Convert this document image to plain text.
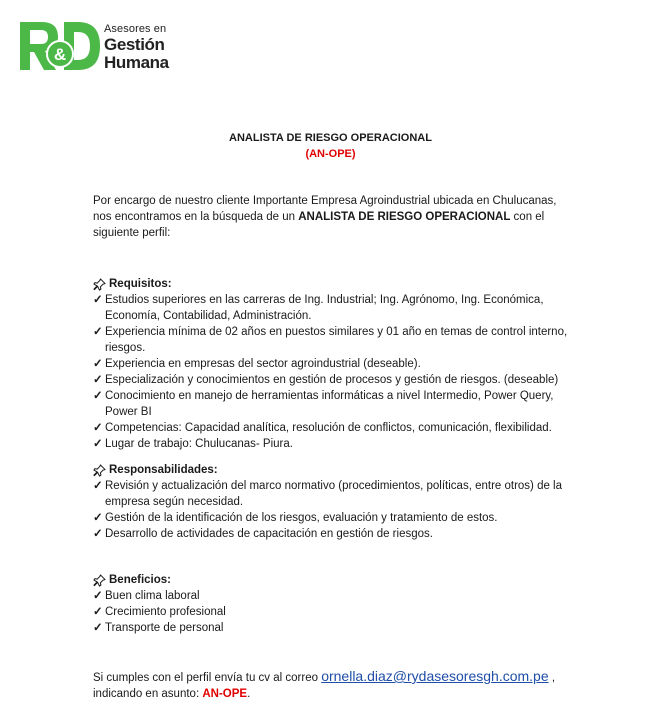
&
Asesores en
Gestión
Humana
ANALISTA DE RIESGO OPERACIONAL
(AN-OPE)
Por encargo de nuestro cliente Importante Empresa Agroindustrial ubicada en Chulucanas, nos encontramos en la búsqueda de un ANALISTA DE RIESGO OPERACIONAL con el siguiente perfil:
Requisitos:
✓ Estudios superiores en las carreras de Ing. Industrial; Ing. Agrónomo, Ing. Económica, Economía, Contabilidad, Administración.
✓ Experiencia mínima de 02 años en puestos similares y 01 año en temas de control interno, riesgos.
✓ Experiencia en empresas del sector agroindustrial (deseable).
✓ Especialización y conocimientos en gestión de procesos y gestión de riesgos. (deseable)
✓ Conocimiento en manejo de herramientas informáticas a nivel Intermedio, Power Query, Power BI
✓ Competencias: Capacidad analítica, resolución de conflictos, comunicación, flexibilidad.
✓ Lugar de trabajo: Chulucanas- Piura.
Responsabilidades:
✓ Revisión y actualización del marco normativo (procedimientos, políticas, entre otros) de la empresa según necesidad.
✓ Gestión de la identificación de los riesgos, evaluación y tratamiento de estos.
✓ Desarrollo de actividades de capacitación en gestión de riesgos.
Beneficios:
✓ Buen clima laboral
✓ Crecimiento profesional
✓ Transporte de personal
Si cumples con el perfil envía tu cv al correo ornella.diaz@rydasesoresgh.com.pe ,
indicando en asunto: AN-OPE.
